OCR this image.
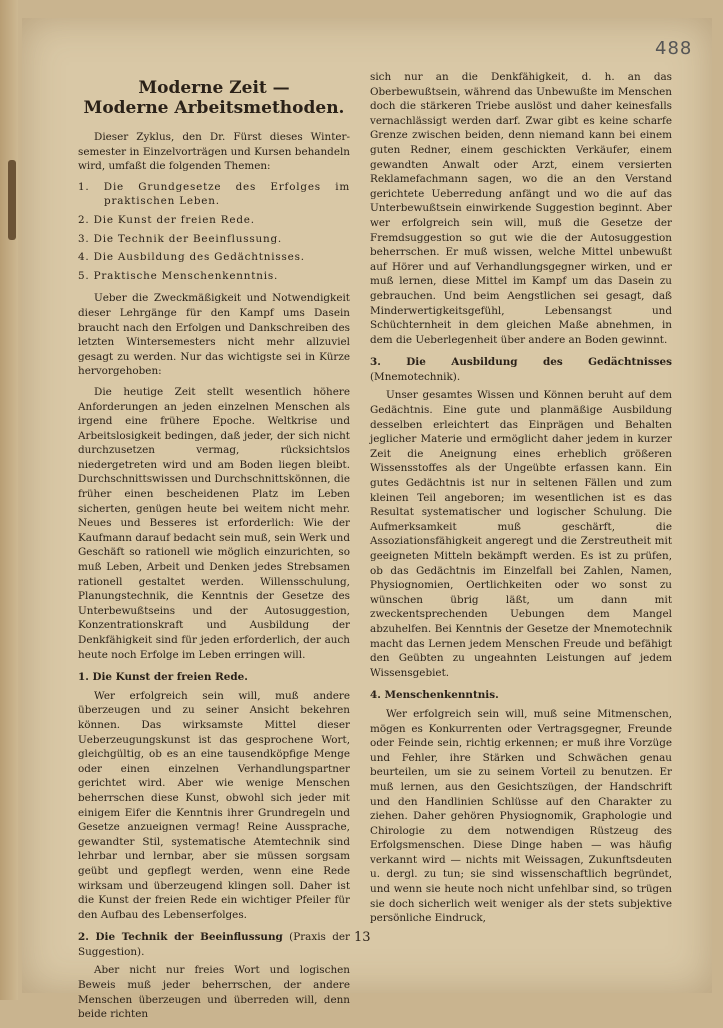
488
Moderne Zeit —
Moderne Arbeitsmethoden.

Dieser Zyklus, den Dr. Fürst dieses Winter-semester in Einzelvorträgen und Kursen behandeln wird, umfaßt die folgenden Themen:

1. Die Grundgesetze des Erfolges im praktischen Leben.
2. Die Kunst der freien Rede.
3. Die Technik der Beeinflussung.
4. Die Ausbildung des Gedächtnisses.
5. Praktische Menschenkenntnis.

Ueber die Zweckmäßigkeit und Notwendigkeit dieser Lehrgänge für den Kampf ums Dasein braucht nach den Erfolgen und Dankschreiben des letzten Wintersemesters nicht mehr allzuviel gesagt zu werden. Nur das wichtigste sei in Kürze hervorgehoben:

Die heutige Zeit stellt wesentlich höhere Anforderungen an jeden einzelnen Menschen als irgend eine frühere Epoche. Weltkrise und Arbeitslosigkeit bedingen, daß jeder, der sich nicht durchzusetzen vermag, rücksichtslos niedergetreten wird und am Boden liegen bleibt. Durchschnittswissen und Durchschnittskönnen, die früher einen bescheidenen Platz im Leben sicherten, genügen heute bei weitem nicht mehr. Neues und Besseres ist erforderlich: Wie der Kaufmann darauf bedacht sein muß, sein Werk und Geschäft so rationell wie möglich einzurichten, so muß Leben, Arbeit und Denken jedes Strebsamen rationell gestaltet werden. Willensschulung, Planungstechnik, die Kenntnis der Gesetze des Unterbewußtseins und der Autosuggestion, Konzentrationskraft und Ausbildung der Denkfähigkeit sind für jeden erforderlich, der auch heute noch Erfolge im Leben erringen will.

1. Die Kunst der freien Rede.

Wer erfolgreich sein will, muß andere überzeugen und zu seiner Ansicht bekehren können. Das wirksamste Mittel dieser Ueberzeugungskunst ist das gesprochene Wort, gleichgültig, ob es an eine tausendköpfige Menge oder einen einzelnen Verhandlungspartner gerichtet wird. Aber wie wenige Menschen beherrschen diese Kunst, obwohl sich jeder mit einigem Eifer die Kenntnis ihrer Grundregeln und Gesetze anzueignen vermag! Reine Aussprache, gewandter Stil, systematische Atemtechnik sind lehrbar und lernbar, aber sie müssen sorgsam geübt und gepflegt werden, wenn eine Rede wirksam und überzeugend klingen soll. Daher ist die Kunst der freien Rede ein wichtiger Pfeiler für den Aufbau des Lebenserfolges.

2. Die Technik der Beeinflussung (Praxis der Suggestion).

Aber nicht nur freies Wort und logischen Beweis muß jeder beherrschen, der andere Menschen überzeugen und überreden will, denn beide richten

sich nur an die Denkfähigkeit, d. h. an das Oberbewußtsein, während das Unbewußte im Menschen doch die stärkeren Triebe auslöst und daher keinesfalls vernachlässigt werden darf. Zwar gibt es keine scharfe Grenze zwischen beiden, denn niemand kann bei einem guten Redner, einem geschickten Verkäufer, einem gewandten Anwalt oder Arzt, einem versierten Reklamefachmann sagen, wo die an den Verstand gerichtete Ueberredung anfängt und wo die auf das Unterbewußtsein einwirkende Suggestion beginnt. Aber wer erfolgreich sein will, muß die Gesetze der Fremdsuggestion so gut wie die der Autosuggestion beherrschen. Er muß wissen, welche Mittel unbewußt auf Hörer und auf Verhandlungsgegner wirken, und er muß lernen, diese Mittel im Kampf um das Dasein zu gebrauchen. Und beim Aengstlichen sei gesagt, daß Minderwertigkeitsgefühl, Lebensangst und Schüchternheit in dem gleichen Maße abnehmen, in dem die Ueberlegenheit über andere an Boden gewinnt.

3. Die Ausbildung des Gedächtnisses (Mnemotechnik).

Unser gesamtes Wissen und Können beruht auf dem Gedächtnis. Eine gute und planmäßige Ausbildung desselben erleichtert das Einprägen und Behalten jeglicher Materie und ermöglicht daher jedem in kurzer Zeit die Aneignung eines erheblich größeren Wissensstoffes als der Ungeübte erfassen kann. Ein gutes Gedächtnis ist nur in seltenen Fällen und zum kleinen Teil angeboren; im wesentlichen ist es das Resultat systematischer und logischer Schulung. Die Aufmerksamkeit muß geschärft, die Assoziationsfähigkeit angeregt und die Zerstreutheit mit geeigneten Mitteln bekämpft werden. Es ist zu prüfen, ob das Gedächtnis im Einzelfall bei Zahlen, Namen, Physiognomien, Oertlichkeiten oder wo sonst zu wünschen übrig läßt, um dann mit zweckentsprechenden Uebungen dem Mangel abzuhelfen. Bei Kenntnis der Gesetze der Mnemotechnik macht das Lernen jedem Menschen Freude und befähigt den Geübten zu ungeahnten Leistungen auf jedem Wissensgebiet.

4. Menschenkenntnis.

Wer erfolgreich sein will, muß seine Mitmenschen, mögen es Konkurrenten oder Vertragsgegner, Freunde oder Feinde sein, richtig erkennen; er muß ihre Vorzüge und Fehler, ihre Stärken und Schwächen genau beurteilen, um sie zu seinem Vorteil zu benutzen. Er muß lernen, aus den Gesichtszügen, der Handschrift und den Handlinien Schlüsse auf den Charakter zu ziehen. Daher gehören Physiognomik, Graphologie und Chirologie zu dem notwendigen Rüstzeug des Erfolgsmenschen. Diese Dinge haben — was häufig verkannt wird — nichts mit Weissagen, Zukunftsdeuten u. dergl. zu tun; sie sind wissenschaftlich begründet, und wenn sie heute noch nicht unfehlbar sind, so trügen sie doch sicherlich weit weniger als der stets subjektive persönliche Eindruck,

13
